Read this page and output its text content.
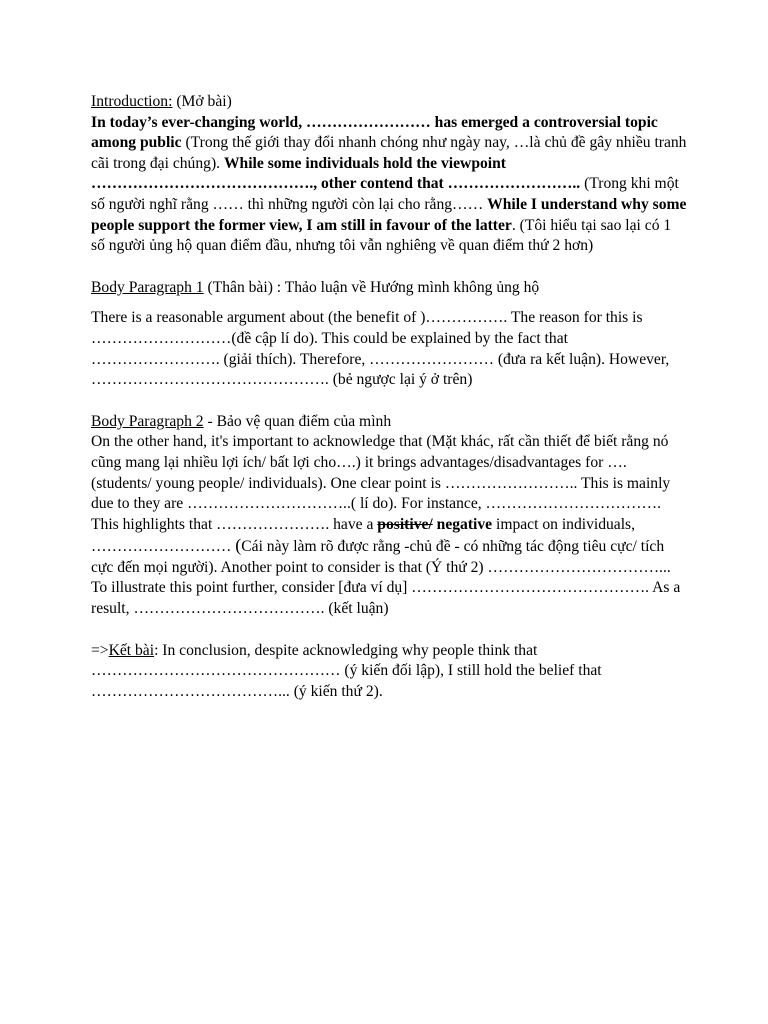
Introduction: (Mở bài)

In today’s ever-changing world, …………………… has emerged a controversial topic among public (Trong thế giới thay đổi nhanh chóng như ngày nay, …là chủ đề gây nhiều tranh cãi trong đại chúng). While some individuals hold the viewpoint ……………………………………., other contend that …………………….. (Trong khi một số người nghĩ rằng …… thì những người còn lại cho rằng…… While I understand why some people support the former view, I am still in favour of the latter. (Tôi hiểu tại sao lại có 1 số người ủng hộ quan điểm đầu, nhưng tôi vẫn nghiêng về quan điểm thứ 2 hơn)

Body Paragraph 1 (Thân bài) : Thảo luận về Hướng mình không ủng hộ

There is a reasonable argument about (the benefit of )……………. The reason for this is ………………………(đề cập lí do). This could be explained by the fact that ……………………. (giải thích). Therefore, …………………… (đưa ra kết luận). However, ………………………………………. (bẻ ngược lại ý ở trên)

Body Paragraph 2 - Bảo vệ quan điểm của mình

On the other hand, it's important to acknowledge that (Mặt khác, rất cần thiết để biết rằng nó cũng mang lại nhiều lợi ích/ bất lợi cho….) it brings advantages/disadvantages for …. (students/ young people/ individuals). One clear point is …………………….. This is mainly due to they are …………………………..( lí do). For instance, ……………………………. This highlights that …………………. have a positive/ negative impact on individuals, ……………………… (Cái này làm rõ được rằng -chủ đề - có những tác động tiêu cực/ tích cực đến mọi người). Another point to consider is that (Ý thứ 2) ……………………………... To illustrate this point further, consider [đưa ví dụ] ………………………………………. As a result, ………………………………. (kết luận)

=>Kết bài: In conclusion, despite acknowledging why people think that ………………………………………… (ý kiến đối lập), I still hold the belief that ………………………………... (ý kiến thứ 2).
